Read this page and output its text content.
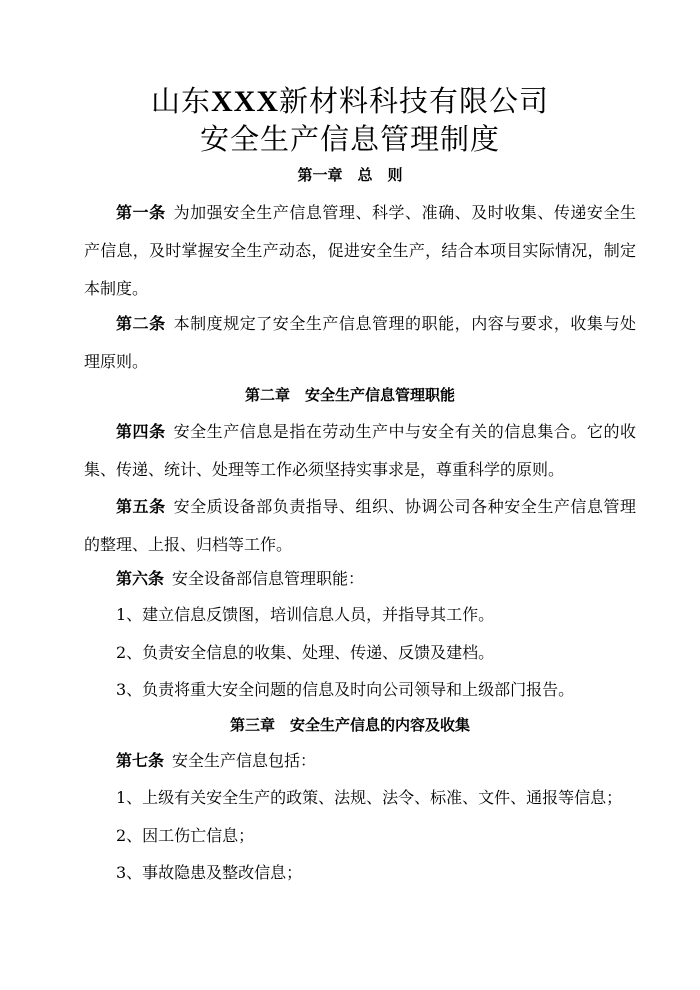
山东XXX新材料科技有限公司
安全生产信息管理制度
第一章　总　则

第一条 为加强安全生产信息管理、科学、准确、及时收集、传递安全生产信息，及时掌握安全生产动态，促进安全生产，结合本项目实际情况，制定本制度。

第二条 本制度规定了安全生产信息管理的职能，内容与要求，收集与处理原则。

第二章　安全生产信息管理职能

第四条 安全生产信息是指在劳动生产中与安全有关的信息集合。它的收集、传递、统计、处理等工作必须坚持实事求是，尊重科学的原则。

第五条 安全质设备部负责指导、组织、协调公司各种安全生产信息管理的整理、上报、归档等工作。

第六条 安全设备部信息管理职能：

1、建立信息反馈图，培训信息人员，并指导其工作。

2、负责安全信息的收集、处理、传递、反馈及建档。

3、负责将重大安全问题的信息及时向公司领导和上级部门报告。

第三章　安全生产信息的内容及收集

第七条 安全生产信息包括：

1、上级有关安全生产的政策、法规、法令、标准、文件、通报等信息；

2、因工伤亡信息；

3、事故隐患及整改信息；
